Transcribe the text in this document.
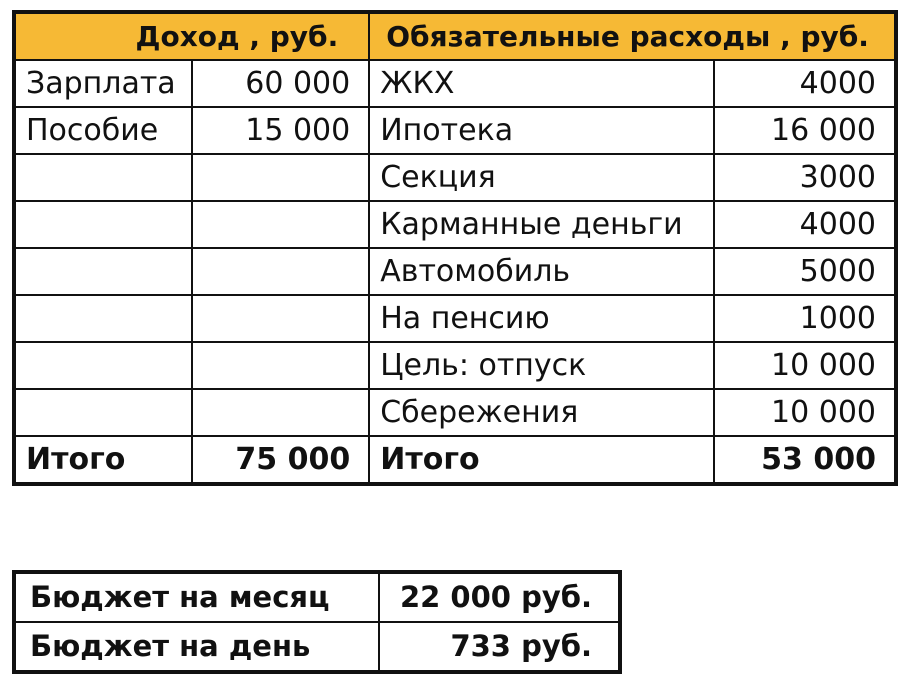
Доход , руб.		Обязательные расходы , руб.	
Зарплата	60 000	ЖКХ	4000
Пособие	15 000	Ипотека	16 000
		Секция	3000
		Карманные деньги	4000
		Автомобиль	5000
		На пенсию	1000
		Цель: отпуск	10 000
		Сбережения	10 000
Итого	75 000	Итого	53 000
Бюджет на месяц	22 000 руб.
Бюджет на день	733 руб.
